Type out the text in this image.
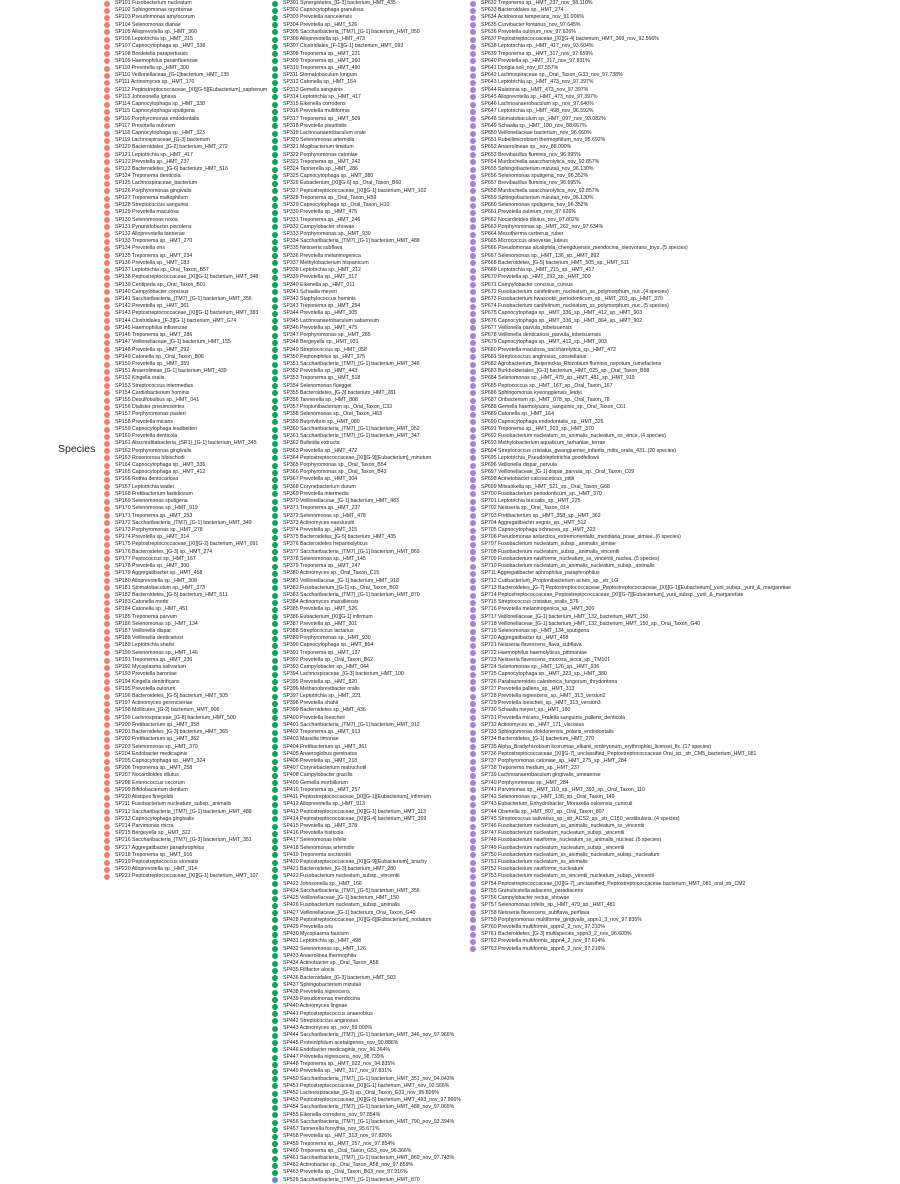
Species
SP101 Fusobacterium nucleatum
SP102 Sphingomonas oryziterrae
SP103 Pseudomonas amylocorum
SP104 Selenomonas dianae
SP105 Alloprevotella sp._HMT_360
SP106 Leptotrichia sp._HMT_215
SP107 Capnocytophaga sp._HMT_338
SP108 Bordetella parapertussis
SP109 Haemophilus parainfluenzae
SP110 Prevotella sp._HMT_300
SP110 Veillonellaceae_[G-1]bacterium_HMT_135
SP111 Actinomyces sp._HMT_170
SP112 Peptostreptococcaceae_[XI][G-5][Eubacterium]_saphenum
SP113 Johnsonella ignava
SP114 Capnocytophaga sp._HMT_338
SP115 Capnocytophaga sputigena
SP116 Porphyromonas endodontalis
SP117 Prevotella oulorum
SP118 Capnocytophaga sp._HMT_323
SP119 Lachnospiraceae_[G-3] bacterium
SP120 Bacteroidales_[G-2] bacterium_HMT_272
SP121 Leptotrichia sp._HMT_417
SP122 Prevotella sp._HMT_237
SP123 Bacteroidetes_[G-6] bacterium_HMT_516
SP124 Treponema denticola
SP125 Lachnospiraceae_bacterium
SP126 Porphyromonas gingivalis
SP127 Treponema maltophilum
SP128 Streptococcus sanguinis
SP129 Prevotella maculosa
SP130 Selenomonas noxia
SP131 Pyramidobacter piscolens
SP132 Alloprevotella tannerae
SP133 Treponema sp._HMT_270
SP134 Prevotella oris
SP135 Treponema sp._HMT_234
SP136 Prevotella sp._HMT_183
SP137 Leptotrichia sp._Oral_Taxon_B57
SP138 Peptostreptococcaceae_[XI][G-1] bacterium_HMT_348
SP139 Centipeda sp._Oral_Taxon_B01
SP140 Campylobacter concisus
SP141 Saccharibacteria_(TM7)_[G-1] bacterium_HMT_356
SP142 Prevotella sp._HMT_361
SP143 Peptostreptococcaceae_[XI][G-1] bacterium_HMT_383
SP144 Clostridiales_[F-3][G-1] bacterium_HMT_G74
SP145 Haemophilus influenzae
SP146 Treponema sp._HMT_286
SP147 Veillonellaceae_[G-1] bacterium_HMT_155
SP148 Prevotella sp._HMT_292
SP149 Catonella sp._Oral_Taxon_B06
SP150 Prevotella sp._HMT_359
SP151 Anaerolineae_[G-1] bacterium_HMT_439
SP152 Kingella oralis
SP153 Streptococcus intermedius
SP154 Cardiobacterium hominis
SP155 Desulfobulbus sp._HMT_041
SP156 Dialister pneumosintes
SP157 Porphyromonas pasteri
SP158 Prevotella micans
SP159 Capnocytophaga leadbetteri
SP160 Prevotella denticola
SP161 Absconditabacteria_(SR1)_[G-1] bacterium_HMT_345
SP162 Porphyromonas gingivalis
SP163 Rosenorosa hibischodi
SP164 Capnocytophaga sp._HMT_336
SP165 Capnocytophaga sp._HMT_412
SP166 Rothia dentocariosa
SP167 Leptotrichia wadei
SP168 Fretibacterium fastidiosum
SP169 Selenomonas sputigena
SP170 Selenomonas sp._HMT_919
SP171 Treponema sp._HMT_253
SP172 Saccharibacteria_(TM7)_[G-1] bacterium_HMT_349
SP173 Porphyromonas sp._HMT_278
SP174 Prevotella sp._HMT_314
SP175 Peptostreptococcaceae_[XI][G-2] bacterium_HMT_091
SP176 Bacteroidetes_[G-3] sp._HMT_274
SP177 Peptococcus sp._HMT_167
SP178 Prevotella sp._HMT_300
SP179 Aggregatibacter sp._HMT_458
SP180 Alloprevotella sp._HMT_308
SP181 Stomatobaculum sp._HMT_373
SP182 Bacteroidetes_[G-5] bacterium_HMT_511
SP183 Catonella morbi
SP184 Catonella sp._HMT_451
SP185 Treponema parvum
SP186 Selenomonas sp._HMT_134
SP187 Veillonella dispar
SP188 Veillonella denticariosi
SP189 Leptotrichia shahii
SP190 Selenomonas sp._HMT_146
SP191 Treponema sp._HMT_236
SP192 Mycoplasma salivarium
SP193 Prevotella baroniae
SP194 Kingella denitrificans
SP195 Prevotella oulorum
SP196 Bacteroidetes_[G-5] bacterium_HMT_505
SP197 Actinomyces gerencseriae
SP198 Mollicutes_[G-2] bacterium_HMT_906
SP199 Lachnospiraceae_[G-8] bacterium_HMT_500
SP200 Fretibacterium sp._HMT_358
SP201 Bacteroidetes_[G-3] bacterium_HMT_365
SP202 Fretibacterium sp._HMT_362
SP203 Selenomonas sp._HMT_370
SP204 Endobacter medicaginis
SP205 Capnocytophaga sp._HMT_324
SP206 Treponema sp._HMT_258
SP207 Nocardioides dilutus
SP208 Enterococcus cecorum
SP209 Bifidobacterium dentium
SP210 Alistipes finegoldii
SP211 Fusobacterium nucleatum_subsp._animalis
SP212 Saccharibacteria_(TM7)_[G-1] bacterium_HMT_488
SP213 Capnocytophaga gingivalis
SP214 Parvimonas micra
SP215 Bergeyella sp._HMT_322
SP216 Saccharibacteria_(TM7)_[G-3] bacterium_HMT_351
SP217 Aggregatibacter paraphrophilus
SP218 Treponema sp._HMT_916
SP219 Peptostreptococcus stomatis
SP220 Alloprevotella sp._HMT_914
SP221 Peptostreptococcaceae_[XI][G-1] bacterium_HMT_107
SP301 Synergistetes_[G-3] bacterium_HMT_435
SP302 Capnocytophaga granulosa
SP303 Prevotella nanceiensis
SP304 Prevotella sp._HMT_526
SP305 Saccharibacteria_(TM7)_[G-1] bacterium_HMT_950
SP306 Alloprevotella sp._HMT_473
SP307 Clostridiales_[F-1][G-1] bacterium_HMT_093
SP308 Treponema sp._HMT_231
SP309 Treponema sp._HMT_260
SP310 Treponema sp._HMT_490
SP311 Stomatobaculum longum
SP312 Catonella sp._HMT_164
SP313 Gemella sanguinis
SP314 Leptotrichia sp._HMT_417
SP315 Eikenella corrodens
SP316 Prevotella multiformis
SP317 Treponema sp._HMT_509
SP318 Prevotella pleuritidis
SP319 Lachnoanaerobaculum orale
SP320 Selenomonas artemidis
SP321 Mogibacterium timidum
SP322 Porphyromonas catoniae
SP323 Treponema sp._HMT_242
SP324 Tannerella sp._HMT_286
SP325 Capnocytophaga sp._HMT_380
SP326 Eubacterium_[XI][G-6] sp._Oral_Taxon_B60
SP327 Peptostreptococcaceae_[XI][G-1] bacterium_HMT_102
SP328 Treponema sp._Oral_Taxon_H59
SP329 Capnocytophaga sp._Oral_Taxon_H10
SP330 Prevotella sp._HMT_475
SP331 Treponema sp._HMT_246
SP332 Campylobacter showae
SP333 Porphyromonas sp._HMT_930
SP334 Saccharibacteria_(TM7)_[G-1] bacterium_HMT_488
SP335 Neisseria subflava
SP336 Prevotella melaninogenica
SP337 Methylobacterium hispanicum
SP338 Leptotrichia sp._HMT_212
SP339 Prevotella sp._HMT_317
SP340 Eikenella sp._HMT_011
SP341 Schaalia meyeri
SP342 Staphylococcus hominis
SP343 Treponema sp._HMT_254
SP344 Prevotella sp._HMT_305
SP345 Lachnoanaerobaculum saburreum
SP346 Prevotella sp._HMT_475
SP347 Porphyromonas sp._HMT_285
SP348 Bergeyella sp._HMT_931
SP349 Streptococcus sp._HMT_058
SP350 Peptoniphilus sp._HMT_375
SP351 Saccharibacteria_(TM7)_[G-1] bacterium_HMT_346
SP352 Prevotella sp._HMT_443
SP353 Treponema sp._HMT_518
SP354 Selenomonas flueggei
SP355 Bacteroidetes_[G-3] bacterium_HMT_281
SP356 Tannerella sp._HMT_808
SP357 Propionibacterium sp._Oral_Taxon_C33
SP358 Selenomonas sp._Oral_Taxon_H63
SP359 Butyrivibrio sp._HMT_080
SP360 Saccharibacteria_(TM7)_[G-1] bacterium_HMT_952
SP361 Saccharibacteria_(TM7)_[G-1] bacterium_HMT_347
SP362 Bulleidia extructa
SP363 Prevotella sp._HMT_472
SP364 Peptostreptococcaceae_[XI][G-9][Eubacterium]_minutum
SP365 Porphyromonas sp._Oral_Taxon_B54
SP366 Porphyromonas sp._Oral_Taxon_B43
SP367 Prevotella sp._HMT_304
SP368 Corynebacterium durum
SP369 Prevotella intermedia
SP370 Veillonellaceae_[G-1] bacterium_HMT_483
SP371 Treponema sp._HMT_237
SP372 Selenomonas sp._HMT_478
SP373 Actinomyces naeslundii
SP374 Prevotella sp._HMT_315
SP375 Bacteroidetes_[G-5] bacterium_HMT_435
SP376 Bacteroidetes heparinolyticus
SP377 Saccharibacteria_(TM7)_[G-1] bacterium_HMT_869
SP378 Selenomonas sp._HMT_145
SP379 Treponema sp._HMT_247
SP380 Actinomyces sp._Oral_Taxon_C15
SP381 Veillonellaceae_[G-1] bacterium_HMT_918
SP382 Fusobacterium_[G-1] sp._Oral_Taxon_B02
SP383 Saccharibacteria_(TM7)_[G-1] bacterium_HMT_870
SP384 Actinomyces massiliensis
SP385 Prevotella sp._HMT_526
SP386 Eubacterium_[XI][G-1] infirmum
SP387 Prevotella sp._HMT_301
SP388 Streptococcus lactarius
SP389 Porphyromonas sp._HMT_930
SP390 Capnocytophaga sp._HMT_864
SP391 Treponema sp._HMT_137
SP392 Prevotella sp._Oral_Taxon_B62
SP393 Campylobacter sp._HMT_044
SP394 Lachnospiraceae_[G-3] bacterium_HMT_100
SP395 Prevotella sp._HMT_820
SP396 Methanobrevibacter oralis
SP397 Leptotrichia sp._HMT_221
SP398 Prevotella shahii
SP399 Bacteroidetes sp._HMT_436
SP400 Prevotella loescheii
SP401 Saccharibacteria_(TM7)_[G-1] bacterium_HMT_912
SP402 Treponema sp._HMT_913
SP403 Massilia timonae
SP404 Fretibacterium sp._HMT_361
SP405 Anaeroglobus geminatus
SP406 Prevotella sp._HMT_218
SP407 Corynebacterium matruchotii
SP408 Campylobacter gracilis
SP409 Gemella morbillorum
SP410 Treponema sp._HMT_257
SP411 Peptostreptococcaceae_[XI][G-1][Eubacterium]_infirmum
SP412 Alloprevotella sp._HMT_913
SP413 Peptostreptococcaceae_[XI][G-1] bacterium_HMT_113
SP414 Peptostreptococcaceae_[XI][G-4] bacterium_HMT_369
SP415 Prevotella sp._HMT_378
SP416 Prevotella histicola
SP417 Selenomonas infelix
SP418 Selenomonas artemidis
SP419 Treponema socranskii
SP420 Peptostreptococcaceae_[XI][G-9][Eubacterium]_brachy
SP421 Bacteroidetes_[G-3] bacterium_HMT_280
SP422 Fusobacterium nucleatum_subsp._vincentii
SP423 Johnsonella sp._HMT_166
SP424 Saccharibacteria_(TM7)_[G-5] bacterium_HMT_356
SP425 Veillonellaceae_[G-1] bacterium_HMT_150
SP426 Fusobacterium nucleatum_subsp._animalis
SP427 Veillonellaceae_[G-1] bacterium_Oral_Taxon_G40
SP428 Peptostreptococcaceae_[XI][G-6][Eubacterium]_nodatum
SP429 Prevotella oris
SP430 Mycoplasma faucium
SP431 Leptotrichia sp._HMT_498
SP432 Selenomonas sp._HMT_126
SP433 Anaerolinea thermophila
SP434 Actinobacter sp._Oral_Taxon_A58
SP435 Filifactor alocis
SP436 Bacteroidales_[G-3] bacterium_HMT_503
SP437 Sphingobacterium mizutaii
SP438 Prevotella nigrescens
SP439 Pseudomonas mendocina
SP440 Actinomyces lingnae
SP441 Peptostreptococcus anaerobius
SP442 Streptococcus anginosus
SP443 Actinomyces sp._nov_59.000%
SP444 Saccharibacteria_(TM7)_[G-1] bacterium_HMT_346_nov_97.966%
SP445 Proteiniphilum acetatigenes_nov_90.886%
SP446 Endobacter medicaginis_nov_96.364%
SP447 Prevotella nigrescens_nov_98.739%
SP448 Treponema sp._HMT_922_nov_94.835%
SP449 Prevotella sp._HMT_317_nov_97.831%
SP450 Saccharibacteria_(TM7)_[G-1] bacterium_HMT_351_nov_94.043%
SP451 Peptostreptococcaceae_[XI][G-1] bacterium_HMT_nov_92.566%
SP452 Lachnospiraceae_[G-3] sp._Oral_Taxon_G33_nov_95.826%
SP453 Peptostreptococcaceae_[XI][G-5] bacterium_HMT_493_nov_97.966%
SP454 Saccharibacteria_(TM7)_[G-1] bacterium_HMT_488_nov_97.065%
SP455 Eikenella corrodens_nov_97.854%
SP456 Saccharibacteria_(TM7)_[G-1] bacterium_HMT_790_nov_93.394%
SP457 Tannerella forsythia_nov_95.671%
SP458 Prevotella sp._HMT_313_nov_97.826%
SP459 Treponema sp._HMT_257_nov_97.854%
SP460 Treponema sp._Oral_Taxon_G53_nov_96.366%
SP461 Saccharibacteria_(TM7)_[G-1] bacterium_HMT_869_nov_97.743%
SP462 Actinobacter sp._Oral_Taxon_A58_nov_97.859%
SP463 Prevotella sp._Oral_Taxon_B63_nov_97.916%
SP528 Saccharibacteria_(TM7)_[G-1] bacterium_HMT_870
SP632 Treponema sp._HMT_237_nov_98.110%
SP633 Bacteroidales sp._HMT_274
SP634 Acidovorax temperans_nov_91.006%
SP635 Curvibacter fontanus_nov_97.645%
SP636 Prevotella oulorum_nov_97.626%
SP637 Peptostreptococcaceae_[XI][G-4] bacterium_HMT_369_nov_92.566%
SP638 Leptotrichia sp._HMT_417_nov_93.604%
SP639 Treponema sp._HMT_317_nov_97.659%
SP640 Prevotella sp._HMT_317_nov_97.831%
SP641 Dongia soli_nov_87.557%
SP642 Lachnospiraceae sp._Oral_Taxon_G33_nov_97.738%
SP643 Leptotrichia sp._HMT_473_nov_97.397%
SP644 Ralstonia sp._HMT_473_nov_97.397%
SP645 Alloprevotella sp._HMT_473_nov_97.397%
SP646 Lachnoanaerobaculum sp._nov_97.640%
SP647 Leptotrichia sp._HMT_498_nov_96.592%
SP648 Stomatobaculum sp._HMT_097_nov_93.082%
SP649 Schaalia sp._HMT_180_nov_88.667%
SP650 Veillonellaceae bacterium_nov_96.660%
SP651 Rubellimicrobium thermophilum_nov_95.692%
SP652 Anaerolineae sp._nov_88.090%
SP653 Brevibacillus fluminis_nov_96.995%
SP654 Murdochiella asaccharolytica_nov_92.857%
SP655 Sphingobacterium mizutaii_nov_96.130%
SP656 Selenomonas sputigena_nov_96.352%
SP657 Brevibacillus fluminis_nov_96.995%
SP658 Murdochiella asaccharolytica_nov_92.857%
SP659 Sphingobacterium mizutaii_nov_96.130%
SP660 Selenomonas sputigena_nov_96.352%
SP661 Prevotella oulorum_nov_97.626%
SP662 Nocardioides dilutus_nov_97.802%
SP663 Porphyromonas sp._HMT_262_nov_97.634%
SP664 Mesotherma cerberus_ruber
SP665 Micrococcus aloeverae_luteus
SP666 Pseudomonas alcaliphila_chengduensis_mendocina_oleovorans_toyo..(5 species)
SP667 Selenomonas sp._HMT_136_sp._HMT_892
SP668 Bacteroidetes_[G-5] bacterium_HMT_505_sp._HMT_511
SP669 Leptotrichia sp._HMT_215_sp._HMT_417
SP670 Prevotella sp._HMT_292_sp._HMT_300
SP671 Campylobacter concisus_curvus
SP672 Fusobacterium canifelinum_nucleatum_ss_polymorphum_nuc..(4 species)
SP673 Fusobacterium hwasookii_periodonticum_sp._HMT_203_sp._HMT_370
SP674 Fusobacterium canifelinum_nucleatum_ss_polymorphum_nuc..(5 species)
SP675 Capnocytophaga sp._HMT_336_sp._HMT_412_sp._HMT_903
SP676 Capnocytophaga sp._HMT_336_sp._HMT_864_sp._HMT_902
SP677 Veillonella parvula_tobetsuensis
SP678 Veillonella denticariosi_parvula_tobetsuensis
SP679 Capnocytophaga sp._HMT_412_sp._HMT_903
SP680 Prevotella maculosa_saccharolytica_sp._HMT_472
SP681 Streptococcus anginosus_constellatus
SP682 Agrobacterium_Beijerinckia_Rhizobium fluminis_nepotum_tumefaciens
SP683 Burkholderiales_[G-1] bacterium_HMT_025_sp._Oral_Taxon_B98
SP684 Selenomonas sp._HMT_479_sp._HMT_481_sp._HMT_919
SP685 Peptococcus sp._HMT_167_sp._Oral_Taxon_167
SP686 Sphingomonas kyeonggiensis_leidyi
SP687 Oribacterium sp._HMT_078_sp._Oral_Taxon_78
SP688 Gemella haemolysans_sanguinis_sp._Oral_Taxon_C61
SP689 Catonella sp._HMT_164
SP690 Capnocytophaga endodontalis_sp._HMT_326
SP691 Treponema sp._HMT_203_sp._HMT_370
SP692 Fusobacterium nucleatum_ss_animalis_nucleatum_ss_vince..(4 species)
SP693 Methylobacterium aquaticum_tarhaniae_terrae
SP694 Streptococcus cristatus_gwangjuense_infantis_mitis_oralis_431..(20 species)
SP695 Leptotrichia_Pseudoleptotrichia goodfellowii
SP696 Veillonella dispar_parvula
SP697 Veillonellaceae_[G-1] dispar_parvula_sp._Oral_Taxon_C09
SP698 Acinetobacter calcoaceticus_pittii
SP699 Mitsuokella sp._HMT_521_sp._Oral_Taxon_G68
SP700 Fusobacterium periodonticum_sp._HMT_370
SP701 Leptotrichia buccalis_sp._HMT_225
SP702 Neisseria sp._Oral_Taxon_014
SP703 Fretibacterium sp._HMT_358_sp._HMT_362
SP704 Aggregatibacter segnis_sp._HMT_512
SP705 Capnocytophaga ochracea_sp._HMT_323
SP706 Pseudomonas antarctica_extremorientalis_meridiana_poae_simiae..(6 species)
SP707 Fusobacterium nucleatum_subsp._animalis_simiae
SP708 Fusobacterium nucleatum_subsp._animalis_vincentii
SP709 Fusobacterium naviforme_nucleatum_ss_vincentii_nuclea..(5 species)
SP710 Fusobacterium nucleatum_ss_animalis_nucleatum_subsp._animalis
SP711 Aggregatibacter aphrophilus_paraphrophilus
SP712 Cutibacterium_Propionibacterium acnes_sp._str_LG
SP713 Bacteroidetes_[G-7] Peptostreptococcaceae_Peptostreptococcaceae_[XI][G-1][Eubacterium]_yurii_subsp._yurii_&_margaretiae
SP714 Peptostreptococcaceae_Peptostreptococcaceae_[XI][G-7][Eubacterium]_yurii_subsp._yurii_&_margaretiae
SP715 Streptococcus cristatus_oralis_576
SP716 Prevotella melaninogenica_sp._HMT_300
SP717 Veillonellaceae_[G-1] bacterium_HMT_132_bacterium_HMT_150
SP718 Veillonellaceae_[G-1] bacterium_HMT_132_bacterium_HMT_150_sp._Oral_Taxon_G40
SP719 Selenomonas sp._HMT_134_sputigena
SP720 Aggregatibacter sp._HMT_458
SP721 Neisseria flavescens_flava_subflava
SP722 Haemophilus haemolyticus_pittmaniae
SP723 Neisseria flavescens_mucosa_sicca_sp._TM101
SP724 Selenomonas sp._HMT_126_sp._HMT_936
SP725 Capnocytophaga sp._HMT_323_sp._HMT_380
SP726 Parabacteroides caledonica_fungorum_thrydontona
SP727 Prevotella pallens_sp._HMT_313
SP728 Prevotella nigrescens_sp._HMT_313_version2
SP729 Prevotella loescheii_sp._HMT_313_version3
SP730 Schaalia meyeri_sp._HMT_180
SP731 Prevotella micans_Fralella sanguinis_pallens_denticola
SP732 Actinomyces sp._HMT_171_viscosus
SP733 Sphingomonas dokdonensis_polaris_endodontalis
SP734 Bacteroidetes_[G-1] bacterium_HMT_270
SP735 Alpha_Bradyrhizobium licorumae_elkanii_embryonum_erythrophlei_licensei_fix..(17 species)
SP736 Peptostreptococcaceae_[XI][G-7]_unclassified_Peptostreptococcaceae Oral_sp._str_CM5_bacterium_HMT_081
SP737 Porphyromonas catoniae_sp._HMT_275_sp._HMT_284
SP738 Treponema medium_sp._HMT_237
SP739 Lachnoanaerobaculum gingivalis_umeaense
SP740 Porphyromonas sp._HMT_284
SP741 Parvimonas sp._HMT_110_sp._HMT_393_sp._Oral_Taxon_110
SP742 Selenomonas sp._HMT_136_sp._Oral_Taxon_149
SP743 Eubacterium_Enhydrobacter_Moraxella osloensis_cuniculi
SP744 Olsenella sp._HMT_807_sp._Oral_Taxon_807
SP745 Streptococcus salivarius_sp._str_ACS2_sp._str_C150_vestibularis..(4 species)
SP746 Fusobacterium nucleatum_ss_animalis_nucleatum_ss_vincentii
SP747 Fusobacterium nucleatum_nucleatum_subsp._vincentii
SP748 Fusobacterium naviforme_nucleatum_ss_animalis_nucleat..(5 species)
SP749 Fusobacterium nucleatum_nucleatum_subsp._vincentii
SP750 Fusobacterium nucleatum_ss_animalis_nucleatum_subsp._nucleatum
SP751 Fusobacterium nucleatum_ss_animalis
SP752 Fusobacterium naviforme_nucleatum
SP753 Fusobacterium nucleatum_ss_vincentii_nucleatum_subsp._vincentii
SP754 Peptostreptococcaceae_[XI][G-7]_unclassified_Peptostreptococcaceae bacterium_HMT_081_oral_str_CM2
SP755 Granulicatella adiacens_paradiacens
SP756 Campylobacter rectus_showae
SP757 Selenomonas infelix_sp._HMT_479_sp._HMT_481
SP758 Neisseria flavescens_subflava_perflava
SP759 Porphyromonas multiforme_gingivalis_sppn1_3_nov_97.835%
SP760 Prevotella multiformis_sppn2_2_nov_97.210%
SP761 Bacteroidetes_[G-3] multispecies_sppn3_2_nov_96.609%
SP762 Prevotella multiformis_sppn4_2_nov_97.614%
SP763 Prevotella multiformis_sppn5_2_nov_97.216%
